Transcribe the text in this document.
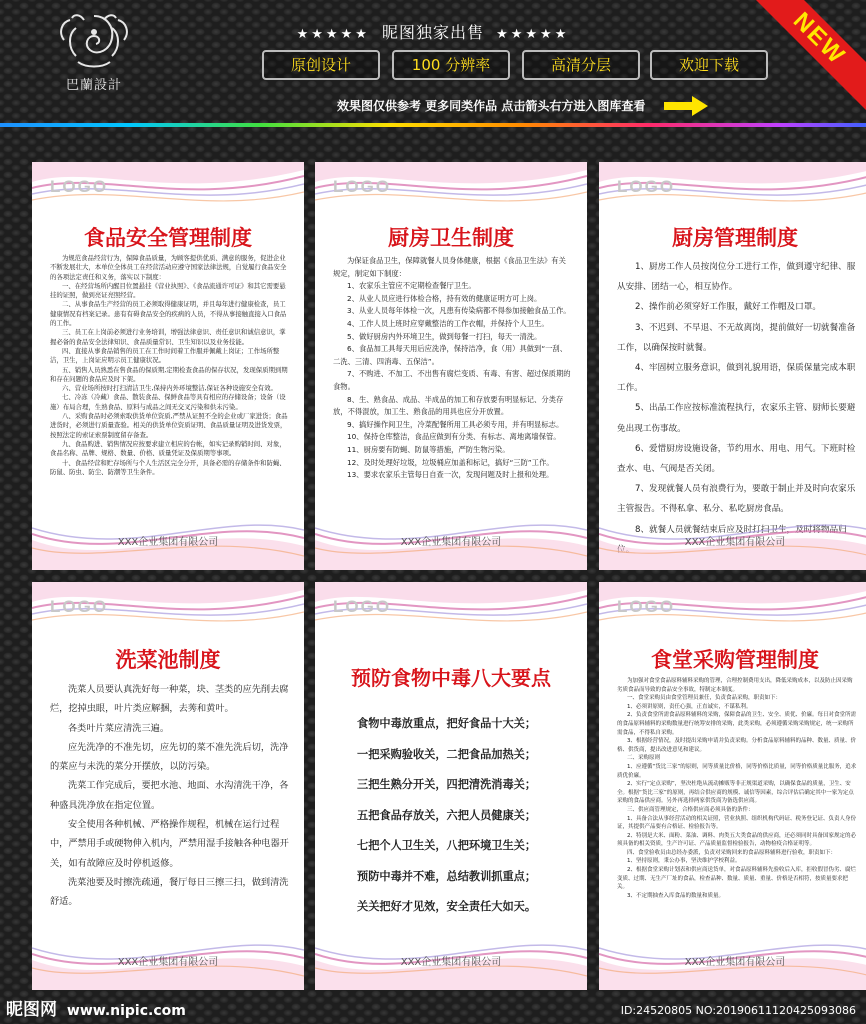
巴蘭設計
★★★★★ 昵图独家出售 ★★★★★
原创设计	100 分辨率	高清分层	欢迎下载
效果图仅供参考 更多同类作品 点击箭头右方进入图库查看
NEW
LOGO
食品安全管理制度

为规范食品经营行为，保障食品质量，为顾客提供优质、满意的服务，促进企业不断发展壮大，本单位全体员工在经营活动应遵守国家法律法规，自觉履行食品安全的各项法定责任和义务，落实以下制度：

一、在经营场所内醒目位置悬挂《营业执照》、《食品流通许可证》和其它需要悬挂的证照，做到亮证亮照经营。

二、从事食品生产经营的员工必须取得健康证明，并且每年进行健康检查，员工健康情况有档案记录。患有有碍食品安全的疾病的人员，不得从事接触直接入口食品的工作。

三、员工在上岗前必须进行业务培训，增强法律意识、责任意识和诚信意识，掌握必备的食品安全法律知识、食品质量常识、卫生知识以及业务技能。

四、直接从事食品销售的员工在工作时间着工作服并佩戴上岗证；工作场所整洁，卫生，上岗证应明示员工健康状况。

五、销售人员熟悉在售食品的保质期,定期检查食品的保存状况，发现保质期到期和存在问题的食品应及时下架。

六、营业场所按时打扫清洁卫生,保持内外环境整洁,保证各种设施安全有效。

七、冷冻（冷藏）食品、散装食品、保鲜食品等具有相应的存储设备；设备（设施）布局合理，生熟食品、原料与成品之间无交叉污染和供未污染。

八、采购食品时必须索取供货单位资质,严禁从证照不全的企业或厂家进货；食品进货时，必须进行质量查验。相关的供货单位资质证明、食品质量证明及进货发票，按照法定的索证索票制度留存备查。

九、食品购进、销售情况应按要求建立相应的台帐，如实记录购销时间、对象，食品名称、品牌、规格、数量、价格、质量凭证及保质期等事项。

十、食品经营和贮存场所与个人生活区完全分开，具备必需的存储条件和防蝇、防鼠、防虫、防尘、防潮等卫生条件。

XXX企业集团有限公司
LOGO
厨房卫生制度

为保证食品卫生，保障就餐人员身体健康，根据《食品卫生法》有关规定，制定如下制度：

1、农家乐主管应不定期检查餐厅卫生。

2、从业人员应进行体检合格，持有效的健康证明方可上岗。

3、从业人员每年体检一次，凡患有传染病都不得参加接触食品工作。

4、工作人员上班时应穿戴整洁的工作衣帽，并保持个人卫生。

5、做好厨房内外环境卫生，做到每餐一打扫，每天一清洗。

6、食品加工具每天用后应洗净，保持洁净，食（用）具做到“一刮、二洗、三清、四消毒、五保洁”。

7、不购进、不加工、不出售有腐烂变质、有毒、有害、超过保质期的食物。

8、生、熟食品、成品、半成品的加工和存放要有明显标记、分类存放，不得混放，加工生、熟食品的用具也应分开放置。

9、搞好操作间卫生，冷菜配餐所用工具必须专用，并有明显标志。

10、保持仓库整洁，食品应做到有分类、有标志、离地离墙保管。

11、厨房要有防蝇、防鼠等措施，严防生物污染。

12、及时处理好垃圾，垃圾桶应加盖和标记，搞好“三防”工作。

13、要求农家乐主管每日自查一次，发现问题及时上报和处理。

XXX企业集团有限公司
LOGO
厨房管理制度

1、厨房工作人员按岗位分工进行工作，做到遵守纪律、服从安排、团结一心，相互协作。

2、操作前必须穿好工作服，戴好工作帽及口罩。

3、不迟到、不早退、不无故离岗，提前做好一切就餐准备工作，以确保按时就餐。

4、牢固树立服务意识，做到礼貌用语，保质保量完成本职工作。

5、出品工作应按标准流程执行，农家乐主管、厨师长要避免出现工伤事故。

6、爱惜厨房设施设备，节约用水、用电、用气。下班时检查水、电、气阀是否关闭。

7、发现就餐人员有浪费行为，要敢于制止并及时向农家乐主管报告。不得私拿、私分、私吃厨房食品。

8、就餐人员就餐结束后应及时打扫卫生，及时将物品归

XXX企业集团有限公司
LOGO
洗菜池制度

洗菜人员要认真洗好每一种菜，块、茎类的应先削去腐烂，挖掉虫眼，叶片类应解捆，去莠和黄叶。

各类叶片菜应清洗三遍。

应先洗净的不准先切，应先切的菜不准先洗后切，洗净的菜应与未洗的菜分开摆放，以防污染。

洗菜工作完成后，要把水池、地面、水沟清洗干净，各种盛具洗净放在指定位置。

安全使用各种机械、严格操作规程，机械在运行过程中，严禁用手或硬物伸入机内，严禁用湿手接触各种电器开关，如有故障应及时停机返修。

洗菜池要及时擦洗疏通，餐厅每日三擦三扫，做到清洗舒适。

XXX企业集团有限公司
LOGO
预防食物中毒八大要点

食物中毒放重点，把好食品十大关；

一把采购验收关，二把食品加热关；

三把生熟分开关，四把清洗消毒关；

五把食品存放关，六把人员健康关；

七把个人卫生关，八把环境卫生关；

预防中毒并不难，总结教训抓重点；

关关把好才见效，安全责任大如天。

XXX企业集团有限公司
LOGO
食堂采购管理制度

为加强对食堂食品原料辅料采购的管理，合理控制费用支出，降低采购成本，以及防止因采购劣质食品而导致的食品安全事故，特制定本制度。

一、食堂采购员由食堂管理员兼任，负责食品采购，职责如下：

1、必须讲原则，责任心强，正直诚实，不谋私利。

2、负责食堂所需食品原料辅料的采购，保障食品的卫生、安全、质优、价廉。每日对食堂所需的食品原料辅料的采购数量进行统筹安排的采购，此类采购，必须遵循采购采购规定，统一采购所需食品，不得私自采购。

3、根据经营情况，及时提出采购申请并负责采购。分析食品原料辅料的品种、数量、质量、价格、供货商，提出改进意见和建议。

二、采购原则

1、应遵循“货比三家”的原则，同等质量比价格，同等价格比质量，同等价格质量比服务，追求质优价廉。

2、实行“定点采购”，坚决杜绝从流动摊贩等非正规渠道采购，以确保食品的质量，卫生、安全。根据“货比三家”的原则，再结合供应商的规模、诚信等因素，综合评估后确定其中一家为定点采购的食品供应商。另外再选择两家供货商为备选供应商。

三、供应商管理规定，合格供应商必须具备的条件：

1、具备合法从事经营活动的相关证照，营业执照、组织机构代码证、税务登记证、负责人身份证，其提供产品要有合格证、检验报告等。

2、特别是大米、面粉、菜油、调料、肉类五大类食品的供应商，还必须同时具备国家规定的必须具备的相关资质，生产许可证、产品质量监督检验报告，动物检疫合格证明等。

四、食堂验收员由总经办委派，负责对采购回来的食品原料辅料进行验收，职责如下：

1、坚持原则，秉公办事，坚决维护学校利益。

2、根据食堂采购计划表和供应商送货单，对食品原料辅料先验收后入库，拒收假冒伪劣、腐烂变质、过期、无生产厂址的食品，检查品种、数量、质量、重量、价格是否相符，按质量要求把关。

3、不定期抽查入库食品的数量和质量。

XXX企业集团有限公司
昵图网 www.nipic.com	ID:24520805 NO:20190611120425093086
